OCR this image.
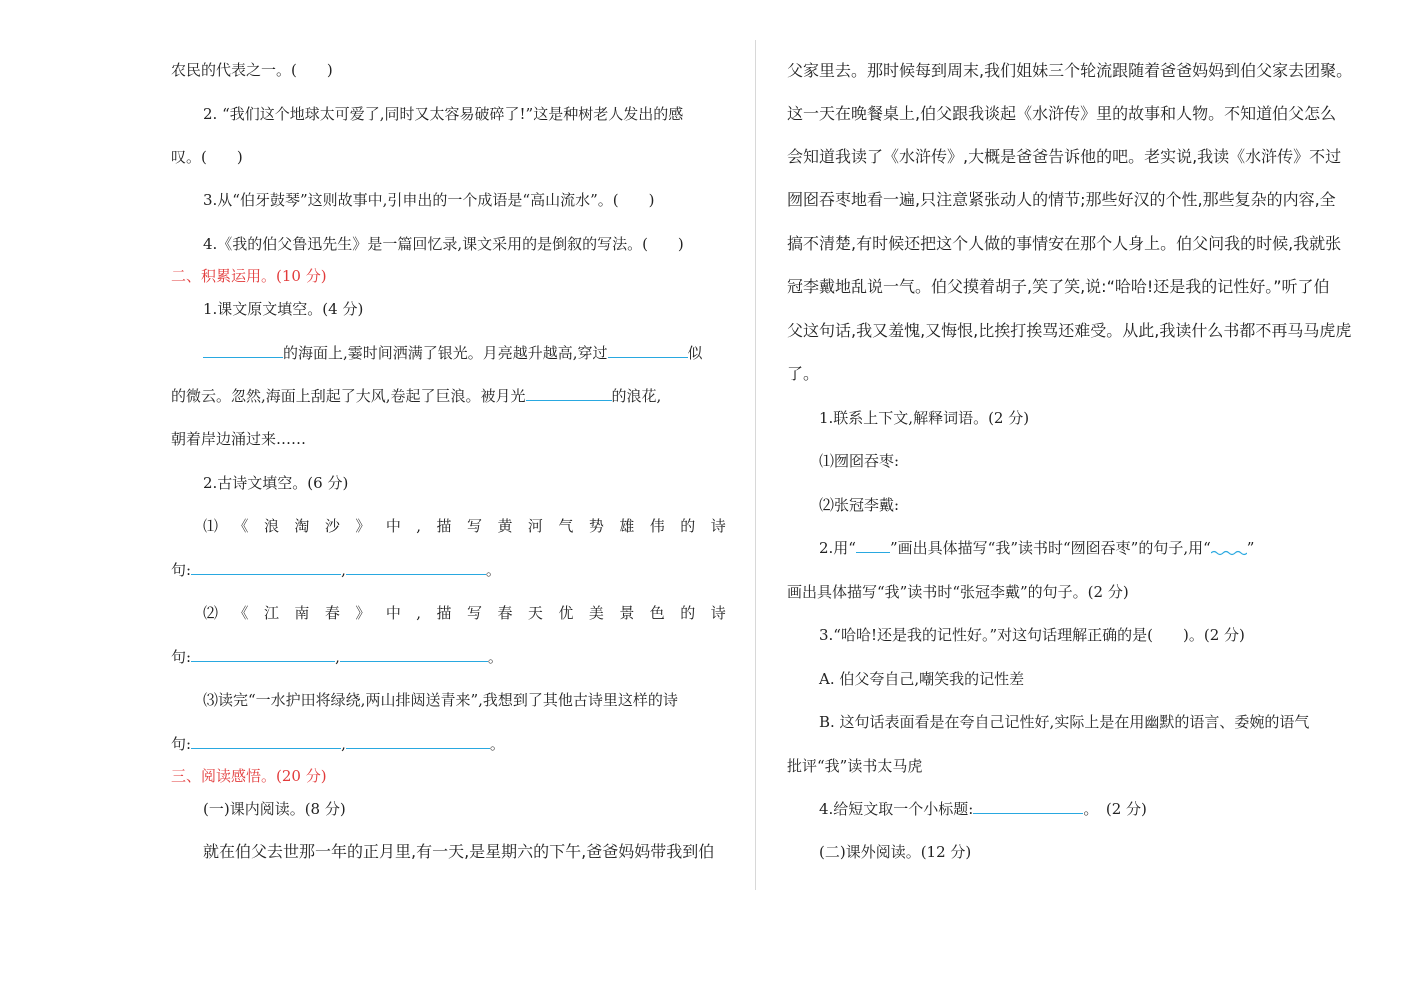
农民的代表之一。(　　)
2. “我们这个地球太可爱了,同时又太容易破碎了!”这是种树老人发出的感
叹。(　　)
3.从“伯牙鼓琴”这则故事中,引申出的一个成语是“高山流水”。(　　)
4.《我的伯父鲁迅先生》是一篇回忆录,课文采用的是倒叙的写法。(　　)
二、积累运用。(10 分)
1.课文原文填空。(4 分)
的海面上,霎时间洒满了银光。月亮越升越高,穿过	似
的微云。忽然,海面上刮起了大风,卷起了巨浪。被月光	的浪花,
朝着岸边涌过来……
2.古诗文填空。(6 分)
⑴ 《 浪 淘 沙 》 中 , 描 写 黄 河 气 势 雄 伟 的 诗
句:	,	。
⑵ 《 江 南 春 》 中 , 描 写 春 天 优 美 景 色 的 诗
句:	,	。
⑶读完“一水护田将绿绕,两山排闼送青来”,我想到了其他古诗里这样的诗
句:	,	。
三、阅读感悟。(20 分)
(一)课内阅读。(8 分)
就在伯父去世那一年的正月里,有一天,是星期六的下午,爸爸妈妈带我到伯
父家里去。那时候每到周末,我们姐妹三个轮流跟随着爸爸妈妈到伯父家去团聚。
这一天在晚餐桌上,伯父跟我谈起《水浒传》里的故事和人物。不知道伯父怎么
会知道我读了《水浒传》,大概是爸爸告诉他的吧。老实说,我读《水浒传》不过
囫囵吞枣地看一遍,只注意紧张动人的情节;那些好汉的个性,那些复杂的内容,全
搞不清楚,有时候还把这个人做的事情安在那个人身上。伯父问我的时候,我就张
冠李戴地乱说一气。伯父摸着胡子,笑了笑,说:“哈哈!还是我的记性好。”听了伯
父这句话,我又羞愧,又悔恨,比挨打挨骂还难受。从此,我读什么书都不再马马虎虎
了。
1.联系上下文,解释词语。(2 分)
⑴囫囵吞枣:
⑵张冠李戴:
2.用“ ”画出具体描写“我”读书时“囫囵吞枣”的句子,用“ ”
画出具体描写“我”读书时“张冠李戴”的句子。(2 分)
3.“哈哈!还是我的记性好。”对这句话理解正确的是(　　)。(2 分)
A. 伯父夸自己,嘲笑我的记性差
B. 这句话表面看是在夸自己记性好,实际上是在用幽默的语言、委婉的语气
批评“我”读书太马虎
4.给短文取一个小标题:	。　(2 分)
(二)课外阅读。(12 分)
